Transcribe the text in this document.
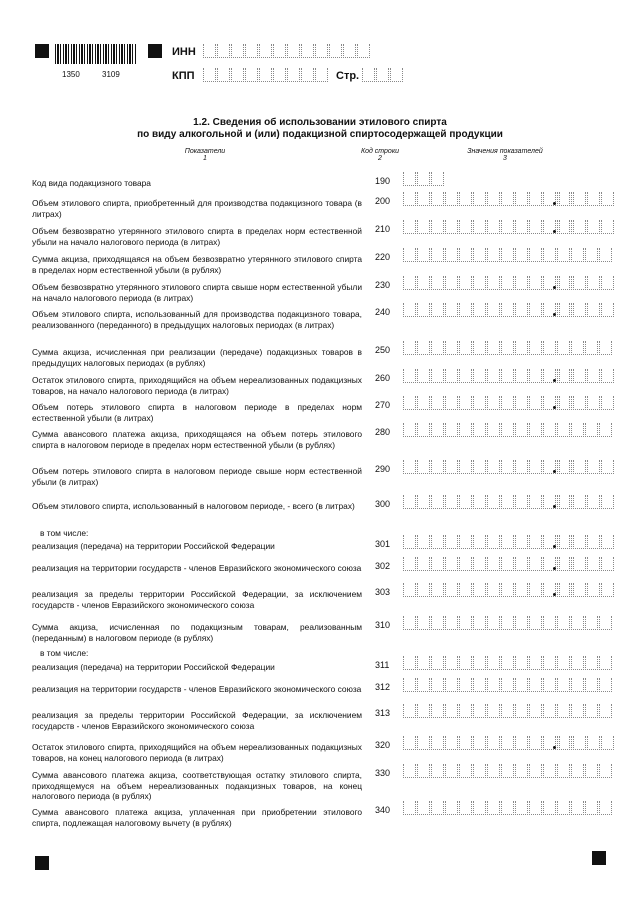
1350	3109
ИНН
КПП	Стр.
1.2. Сведения об использовании этилового спирта
по виду алкогольной и (или) подакцизной спиртосодержащей продукции
Показатели
1
Код строки
2
Значения показателей
3
Код вида подакцизного товара	190
Объем этилового спирта, приобретенный для производства подакцизного товара (в литрах)
200
Объем безвозвратно утерянного этилового спирта в пределах норм естественной убыли на начало налогового периода (в литрах)
210
Сумма акциза, приходящаяся на объем безвозвратно утерянного этилового спирта в пределах норм естественной убыли (в рублях)
220
Объем безвозвратно утерянного этилового спирта свыше норм естественной убыли на начало налогового периода (в литрах)
230
Объем этилового спирта, использованный для производства подакцизного товара, реализованного (переданного) в предыдущих налоговых периодах (в литрах)
240
Сумма акциза, исчисленная при реализации (передаче) подакцизных товаров в предыдущих налоговых периодах (в рублях)
250
Остаток этилового спирта, приходящийся на объем нереализованных подакцизных товаров, на начало налогового периода (в литрах)
260
Объем потерь этилового спирта в налоговом периоде в пределах норм естественной убыли (в литрах)
270
Сумма авансового платежа акциза, приходящаяся на объем потерь этилового спирта в налоговом периоде в пределах норм естественной убыли (в рублях)
280
Объем потерь этилового спирта в налоговом периоде свыше норм естественной убыли (в литрах)
290
Объем этилового спирта, использованный в налоговом периоде, - всего (в литрах)	300
реализация (передача) на территории Российской Федерации	301
реализация на территории государств - членов Евразийского экономического союза 302
реализация за пределы территории Российской Федерации, за исключением государств - членов Евразийского экономического союза
303
Сумма акциза, исчисленная по подакцизным товарам, реализованным (переданным) в налоговом периоде (в рублях)
310
реализация (передача) на территории Российской Федерации	311
реализация на территории государств - членов Евразийского экономического союза 312
реализация за пределы территории Российской Федерации, за исключением государств - членов Евразийского экономического союза
313
Остаток этилового спирта, приходящийся на объем нереализованных подакцизных товаров, на конец налогового периода (в литрах)
320
Сумма авансового платежа акциза, соответствующая остатку этилового спирта, приходящемуся на объем нереализованных подакцизных товаров, на конец налогового периода (в рублях)
330
Сумма авансового платежа акциза, уплаченная при приобретении этилового спирта, подлежащая налоговому вычету (в рублях)
340
в том числе:
в том числе:
